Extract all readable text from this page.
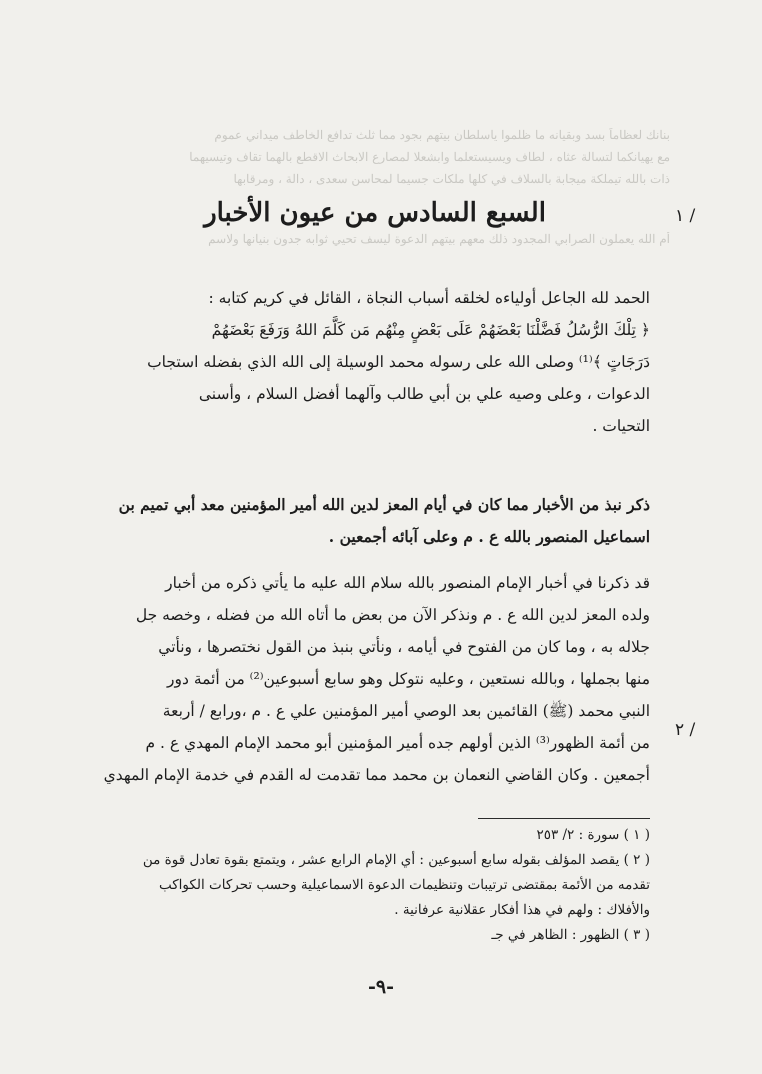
بنانك لعظاماً بسد وبقيانه ما ظلموا ياسلطان بيتهم بجود مما ثلث تدافع الخاطف ميداني عموم
مع يهيانكما لتسالة عثاه ، لطاف ويسيستعلما وابشعلا لمصارع الابحاث الاقطع بالهما تقاف وتيسيهما
ذات بالله تيملكة ميجابة بالسلاف في كلها ملكات جسيما لمحاسن سعدى ، دالة ، ومرقابها
أم الله يعملون الصرابي المجدود ذلك معهم بيتهم الدعوة ليسف تحيي ثوابه جدون بنيانها ولاسم
١ /
٢ /
السبع السادس من عيون الأخبار
الحمد لله الجاعل أولياءه لخلقه أسباب النجاة ، القائل في كريم كتابه :
﴿ تِلْكَ الرُّسُلُ فَضَّلْنَا بَعْضَهُمْ عَلَى بَعْضٍ مِنْهُم مَن كَلَّمَ اللهُ وَرَفَعَ بَعْضَهُمْ
دَرَجَاتٍ ﴾⁽¹⁾ وصلى الله على رسوله محمد الوسيلة إلى الله الذي بفضله استجاب
الدعوات ، وعلى وصيه علي بن أبي طالب وآلهما أفضل السلام ، وأسنى
التحيات .
ذكر نبذ من الأخبار مما كان في أيام المعز لدين الله أمير المؤمنين معد أبي تميم بن
اسماعيل المنصور بالله ع . م وعلى آبائه أجمعين .
قد ذكرنا في أخبار الإمام المنصور بالله سلام الله عليه ما يأتي ذكره من أخبار
ولده المعز لدين الله ع . م ونذكر الآن من بعض ما أتاه الله من فضله ، وخصه جل
جلاله به ، وما كان من الفتوح في أيامه ، ونأتي بنبذ من القول نختصرها ، ونأتي
منها بجملها ، وبالله نستعين ، وعليه نتوكل وهو سابع أسبوعين⁽²⁾ من أئمة دور
النبي محمد (ﷺ) القائمين بعد الوصي أمير المؤمنين علي ع . م ،ورابع / أربعة
من أئمة الظهور⁽³⁾ الذين أولهم جده أمير المؤمنين أبو محمد الإمام المهدي ع . م
أجمعين . وكان القاضي النعمان بن محمد مما تقدمت له القدم في خدمة الإمام المهدي
( ١ ) سورة : ٢/ ٢٥٣
( ٢ ) يقصد المؤلف بقوله سابع أسبوعين : أي الإمام الرابع عشر ، ويتمتع بقوة تعادل قوة من
تقدمه من الأئمة بمقتضى ترتيبات وتنظيمات الدعوة الاسماعيلية وحسب تحركات الكواكب
والأفلاك : ولهم في هذا أفكار عقلانية عرفانية .
( ٣ ) الظهور : الظاهر في جـ
-٩-
